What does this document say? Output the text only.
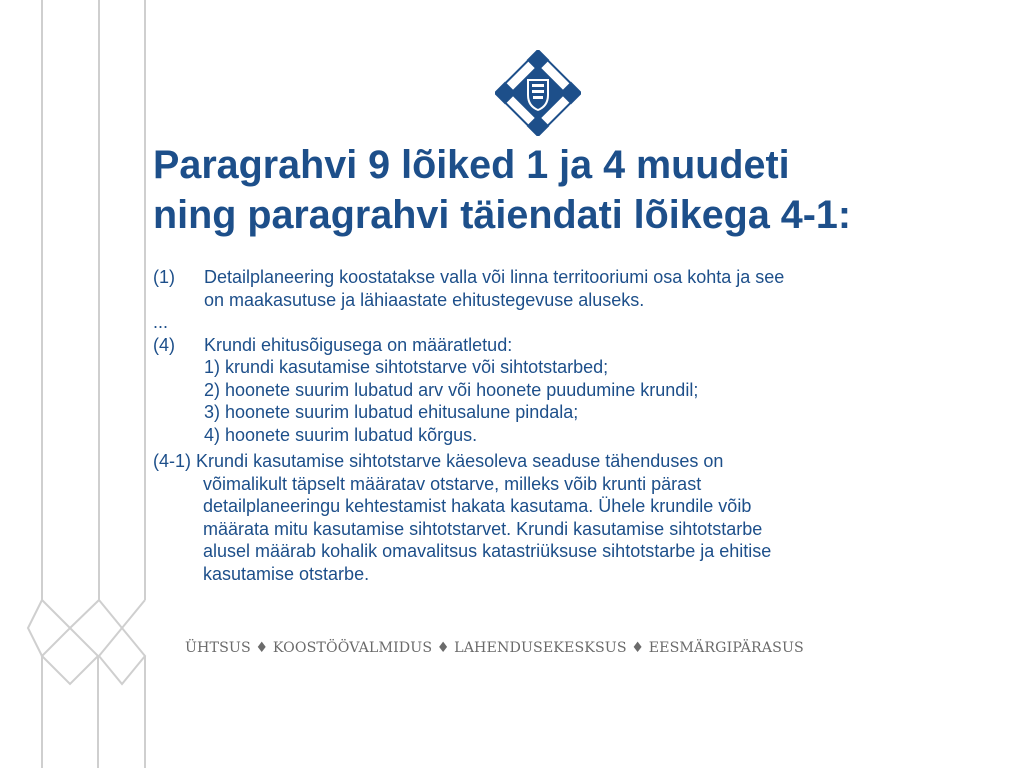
Paragrahvi 9 lõiked 1 ja 4 muudeti
ning paragrahvi täiendati lõikega 4-1:
(1) Detailplaneering koostatakse valla või linna territooriumi osa kohta ja see
on maakasutuse ja lähiaastate ehitustegevuse aluseks.
...
(4) Krundi ehitusõigusega on määratletud:
1) krundi kasutamise sihtotstarve või sihtotstarbed;
2) hoonete suurim lubatud arv või hoonete puudumine krundil;
3) hoonete suurim lubatud ehitusalune pindala;
4) hoonete suurim lubatud kõrgus.
(4-1) Krundi kasutamise sihtotstarve käesoleva seaduse tähenduses on
võimalikult täpselt määratav otstarve, milleks võib krunti pärast
detailplaneeringu kehtestamist hakata kasutama. Ühele krundile võib
määrata mitu kasutamise sihtotstarvet. Krundi kasutamise sihtotstarbe
alusel määrab kohalik omavalitsus katastriüksuse sihtotstarbe ja ehitise
kasutamise otstarbe.
ÜHTSUS ♦ KOOSTÖÖVALMIDUS ♦ LAHENDUSEKESKSUS ♦ EESMÄRGIPÄRASUS
